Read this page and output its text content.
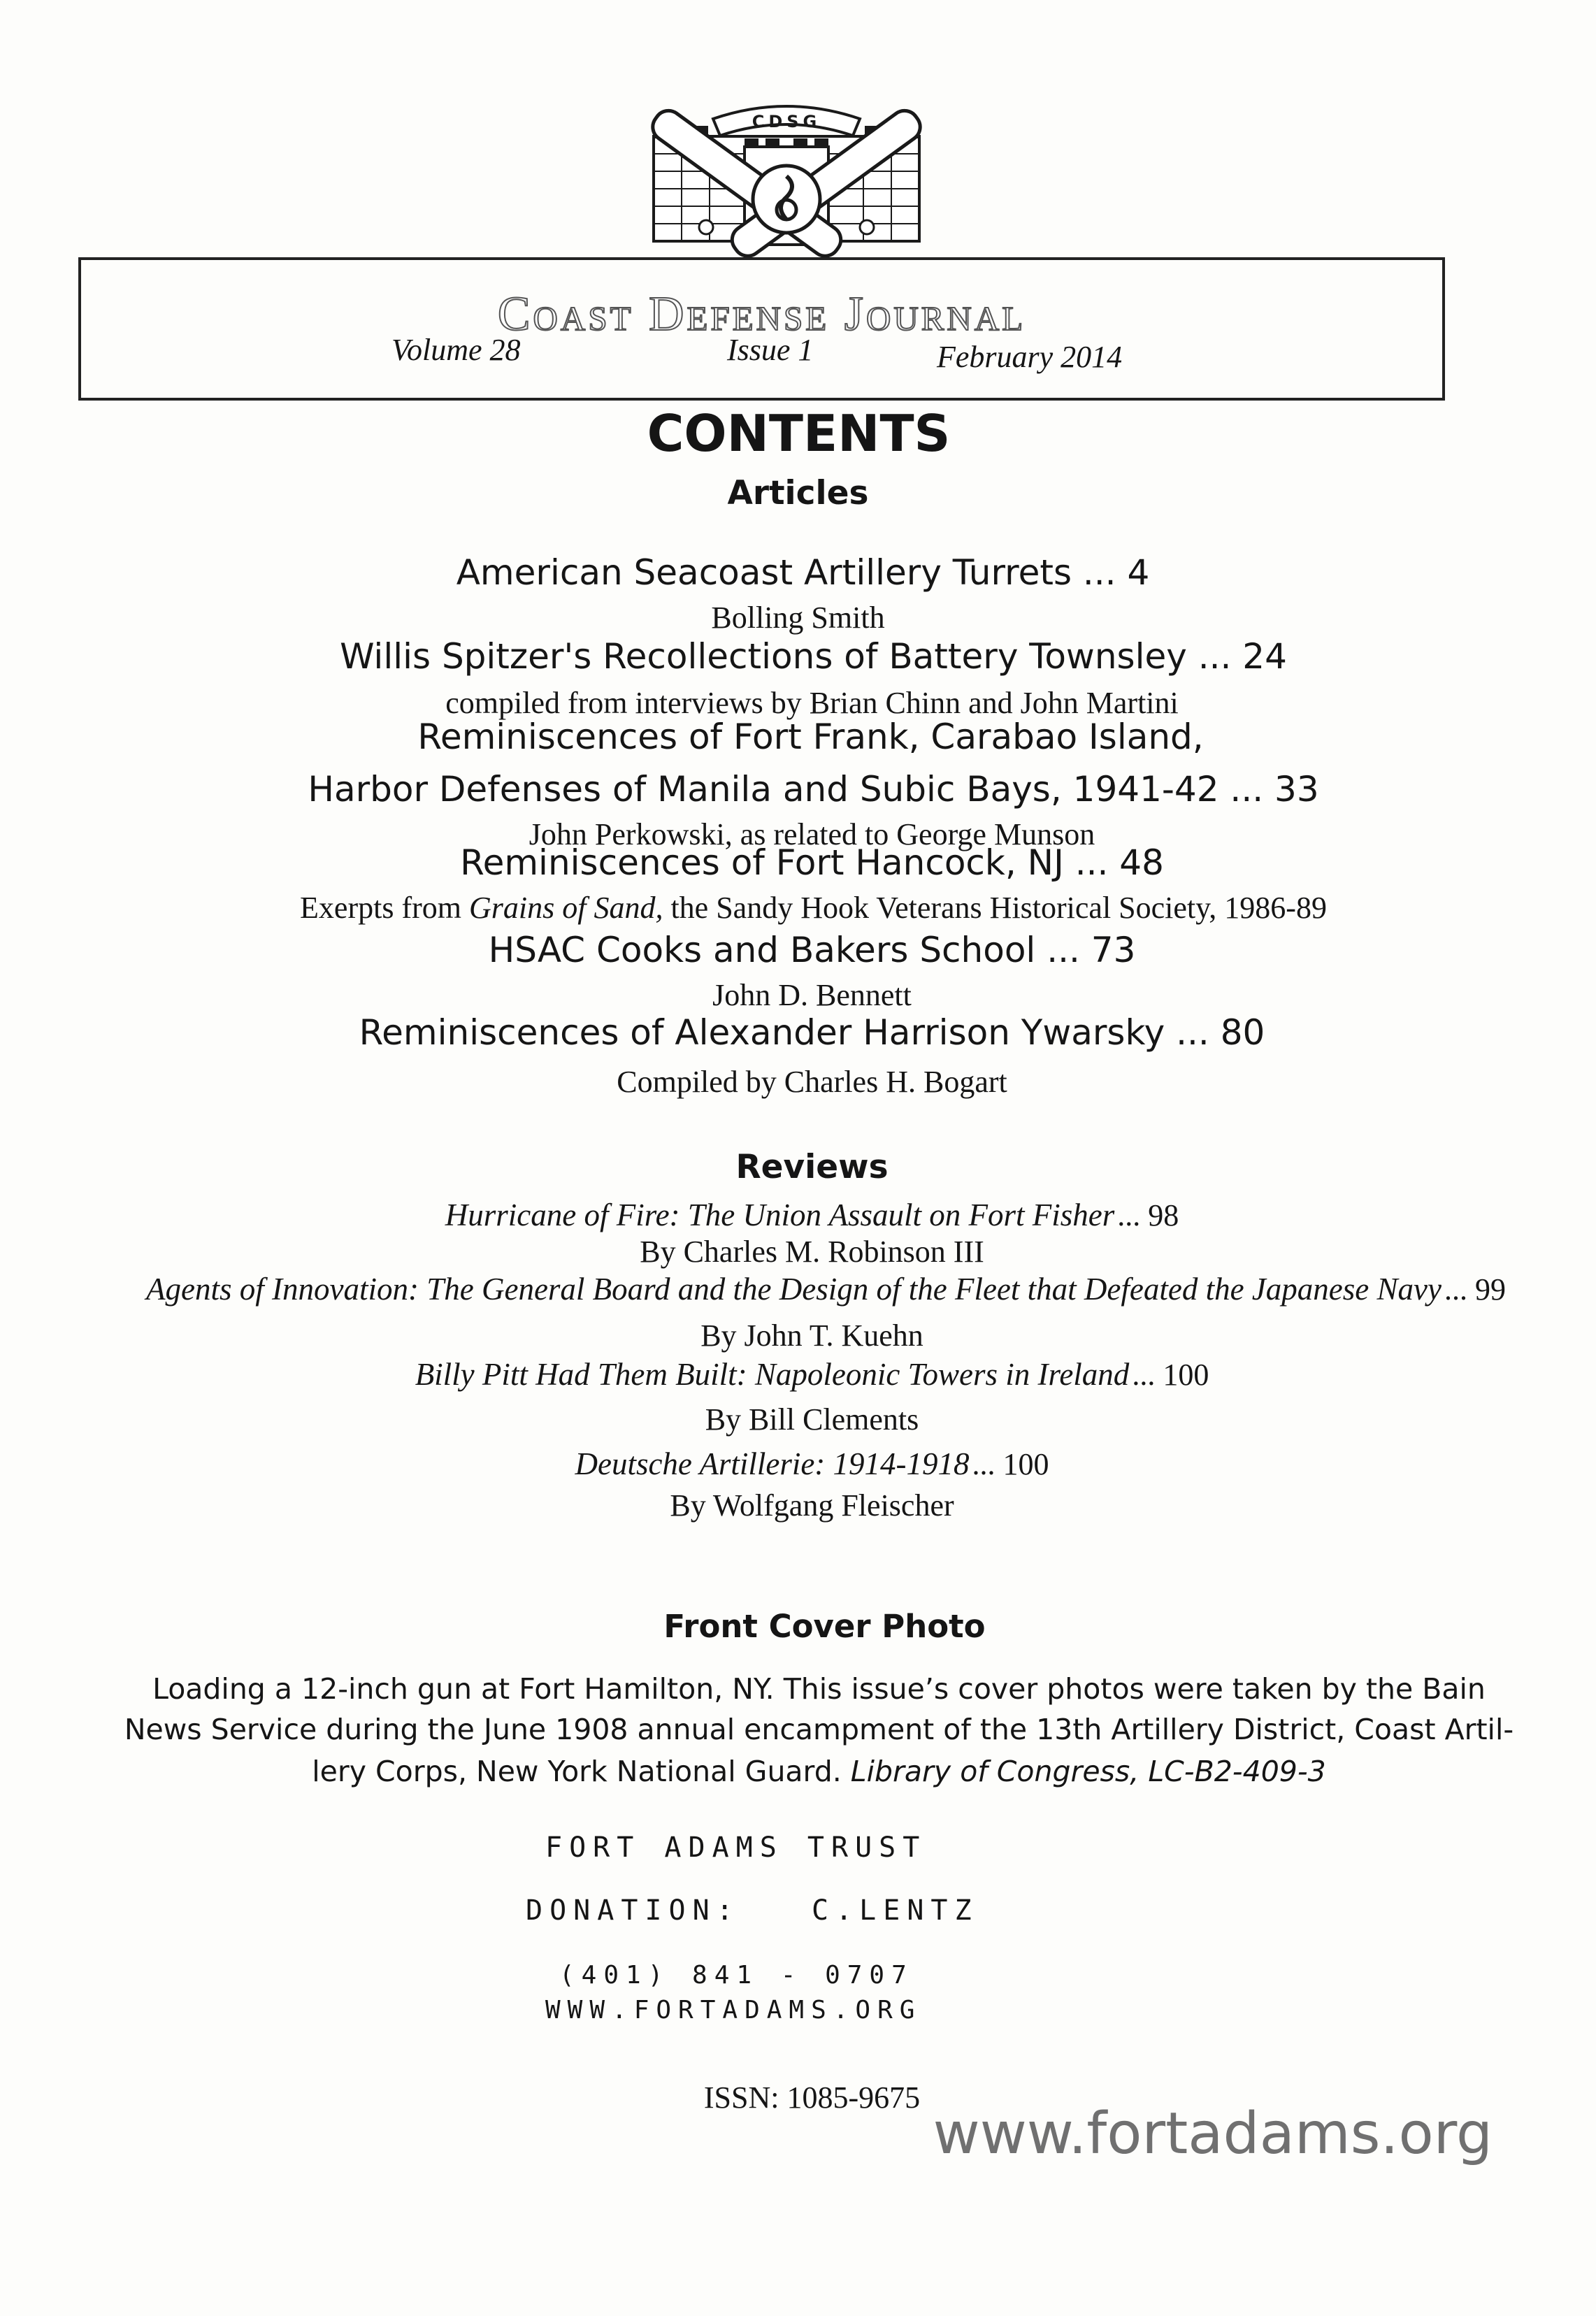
CDSG
Coast Defense Journal
Volume 28	Issue 1	February 2014
CONTENTS
Articles
American Seacoast Artillery Turrets ... 4
Bolling Smith
Willis Spitzer's Recollections of Battery Townsley ... 24
compiled from interviews by Brian Chinn and John Martini
Reminiscences of Fort Frank, Carabao Island,
Harbor Defenses of Manila and Subic Bays, 1941-42 ... 33
John Perkowski, as related to George Munson
Reminiscences of Fort Hancock, NJ ... 48
Exerpts from Grains of Sand, the Sandy Hook Veterans Historical Society, 1986-89
HSAC Cooks and Bakers School ... 73
John D. Bennett
Reminiscences of Alexander Harrison Ywarsky ... 80
Compiled by Charles H. Bogart
Reviews
Hurricane of Fire: The Union Assault on Fort Fisher ... 98
By Charles M. Robinson III
Agents of Innovation: The General Board and the Design of the Fleet that Defeated the Japanese Navy ... 99
By John T. Kuehn
Billy Pitt Had Them Built: Napoleonic Towers in Ireland ... 100
By Bill Clements
Deutsche Artillerie: 1914-1918 ... 100
By Wolfgang Fleischer
Front Cover Photo
Loading a 12-inch gun at Fort Hamilton, NY. This issue’s cover photos were taken by the Bain
News Service during the June 1908 annual encampment of the 13th Artillery District, Coast Artil-
lery Corps, New York National Guard. Library of Congress, LC-B2-409-3
FORT ADAMS TRUST
DONATION:   C.LENTZ
(401) 841 - 0707
WWW.FORTADAMS.ORG
ISSN: 1085-9675
www.fortadams.org
